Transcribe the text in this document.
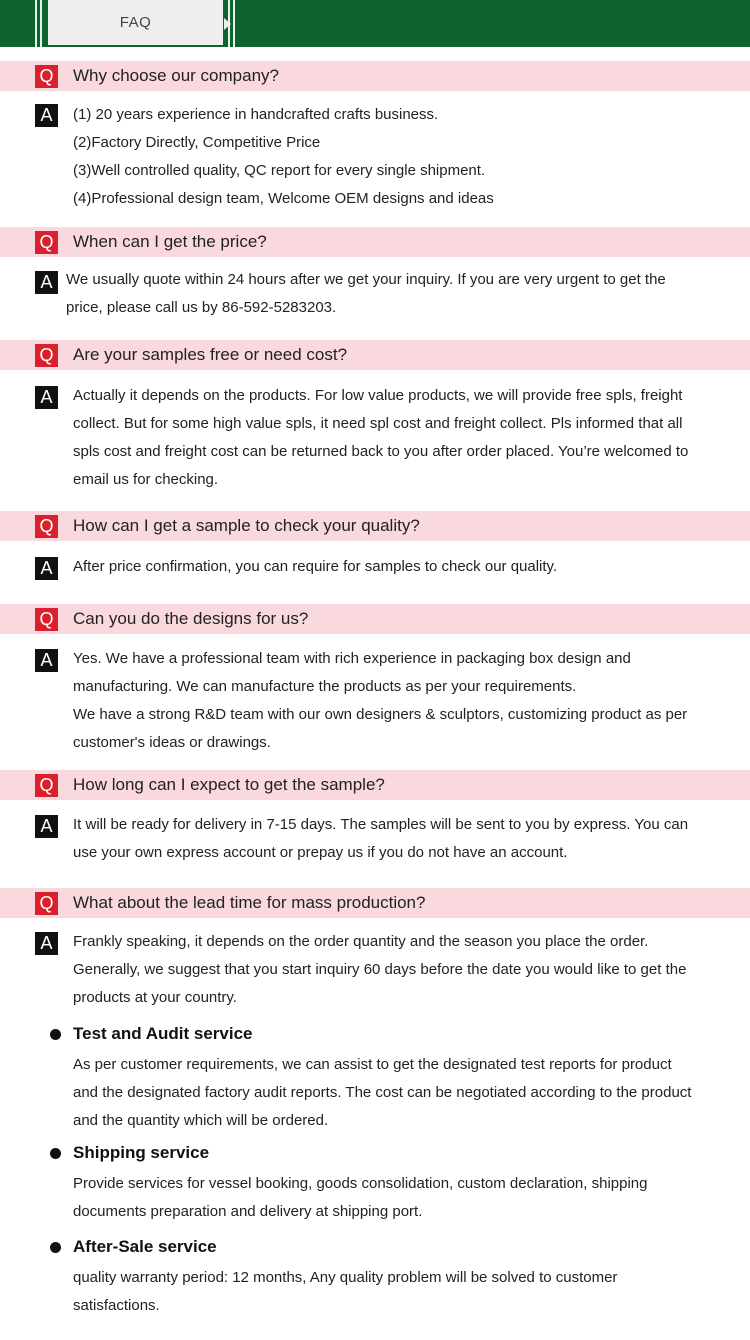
FAQ
Q Why choose our company?
A	(1) 20 years experience in handcrafted crafts business.
(2)Factory Directly, Competitive Price
(3)Well controlled quality, QC report for every single shipment.
(4)Professional design team, Welcome OEM designs and ideas
Q When can I get the price?
A We usually quote within 24 hours after we get your inquiry. If you are very urgent to get the
price, please call us by 86-592-5283203.
Q Are your samples free or need cost?
A	Actually it depends on the products. For low value products, we will provide free spls, freight
collect. But for some high value spls, it need spl cost and freight collect. Pls informed that all
spls cost and freight cost can be returned back to you after order placed. You’re welcomed to
email us for checking.
Q How can I get a sample to check your quality?
A	After price confirmation, you can require for samples to check our quality.
Q Can you do the designs for us?
A	Yes. We have a professional team with rich experience in packaging box design and
manufacturing. We can manufacture the products as per your requirements.
We have a strong R&D team with our own designers & sculptors, customizing product as per
customer's ideas or drawings.
Q How long can I expect to get the sample?
A	It will be ready for delivery in 7-15 days. The samples will be sent to you by express. You can
use your own express account or prepay us if you do not have an account.
Q What about the lead time for mass production?
A	Frankly speaking, it depends on the order quantity and the season you place the order.
Generally, we suggest that you start inquiry 60 days before the date you would like to get the
products at your country.
Test and Audit service
As per customer requirements, we can assist to get the designated test reports for product
and the designated factory audit reports. The cost can be negotiated according to the product
and the quantity which will be ordered.
Shipping service
Provide services for vessel booking, goods consolidation, custom declaration, shipping
documents preparation and delivery at shipping port.
After-Sale service
quality warranty period: 12 months, Any quality problem will be solved to customer
satisfactions.
